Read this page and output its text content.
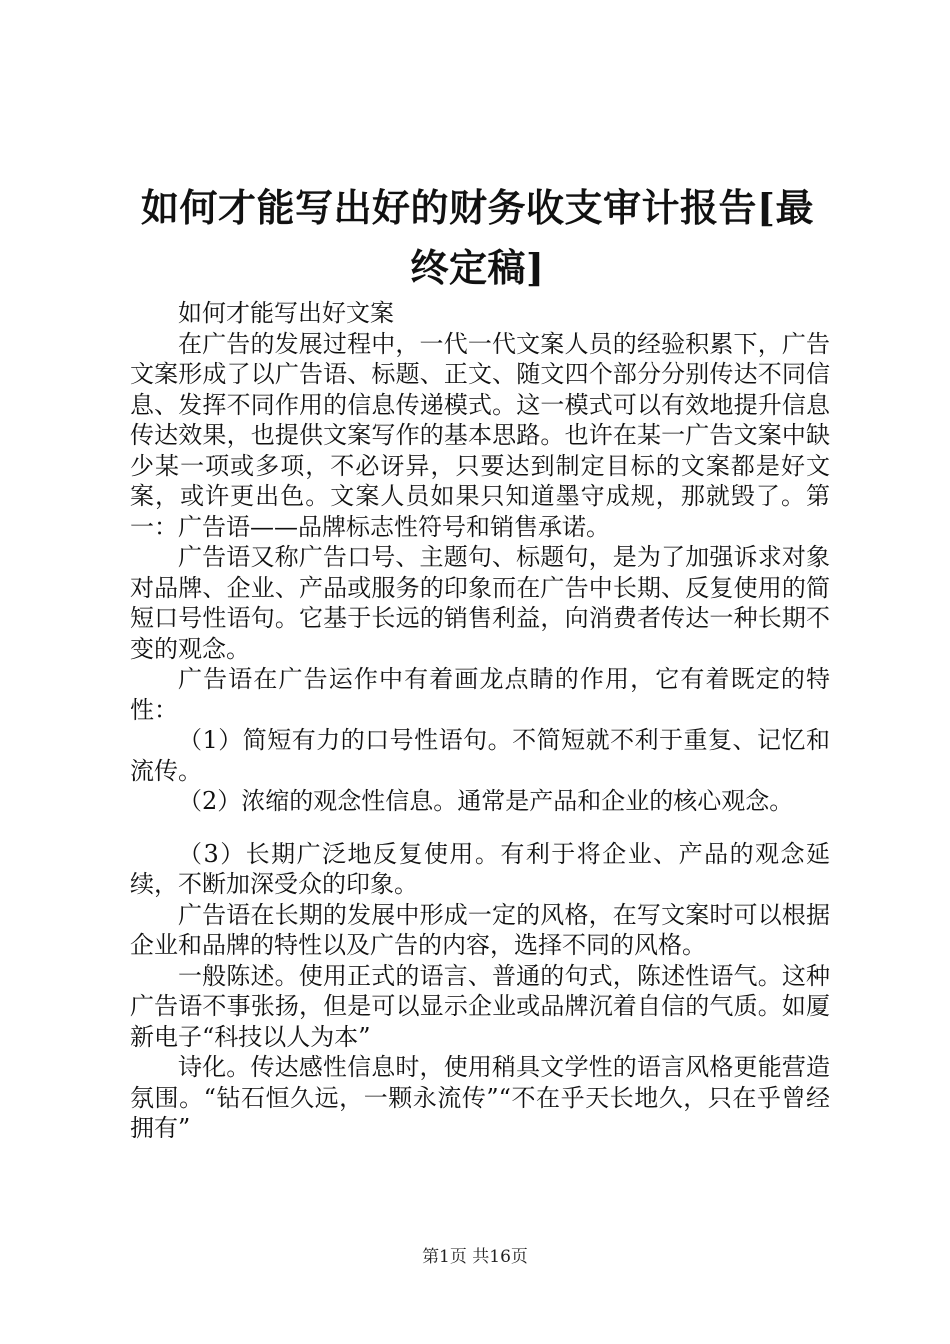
如何才能写出好的财务收支审计报告[最终定稿]

如何才能写出好文案

在广告的发展过程中，一代一代文案人员的经验积累下，广告文案形成了以广告语、标题、正文、随文四个部分分别传达不同信息、发挥不同作用的信息传递模式。这一模式可以有效地提升信息传达效果，也提供文案写作的基本思路。也许在某一广告文案中缺少某一项或多项，不必讶异，只要达到制定目标的文案都是好文案，或许更出色。文案人员如果只知道墨守成规，那就毁了。第一：广告语——品牌标志性符号和销售承诺。

广告语又称广告口号、主题句、标题句，是为了加强诉求对象对品牌、企业、产品或服务的印象而在广告中长期、反复使用的简短口号性语句。它基于长远的销售利益，向消费者传达一种长期不变的观念。

广告语在广告运作中有着画龙点睛的作用，它有着既定的特性：

（1）简短有力的口号性语句。不简短就不利于重复、记忆和流传。

（2）浓缩的观念性信息。通常是产品和企业的核心观念。

（3）长期广泛地反复使用。有利于将企业、产品的观念延续，不断加深受众的印象。

广告语在长期的发展中形成一定的风格，在写文案时可以根据企业和品牌的特性以及广告的内容，选择不同的风格。

一般陈述。使用正式的语言、普通的句式，陈述性语气。这种广告语不事张扬，但是可以显示企业或品牌沉着自信的气质。如厦新电子“科技以人为本”

诗化。传达感性信息时，使用稍具文学性的语言风格更能营造氛围。“钻石恒久远，一颗永流传”“不在乎天长地久，只在乎曾经拥有”

第1页 共16页
